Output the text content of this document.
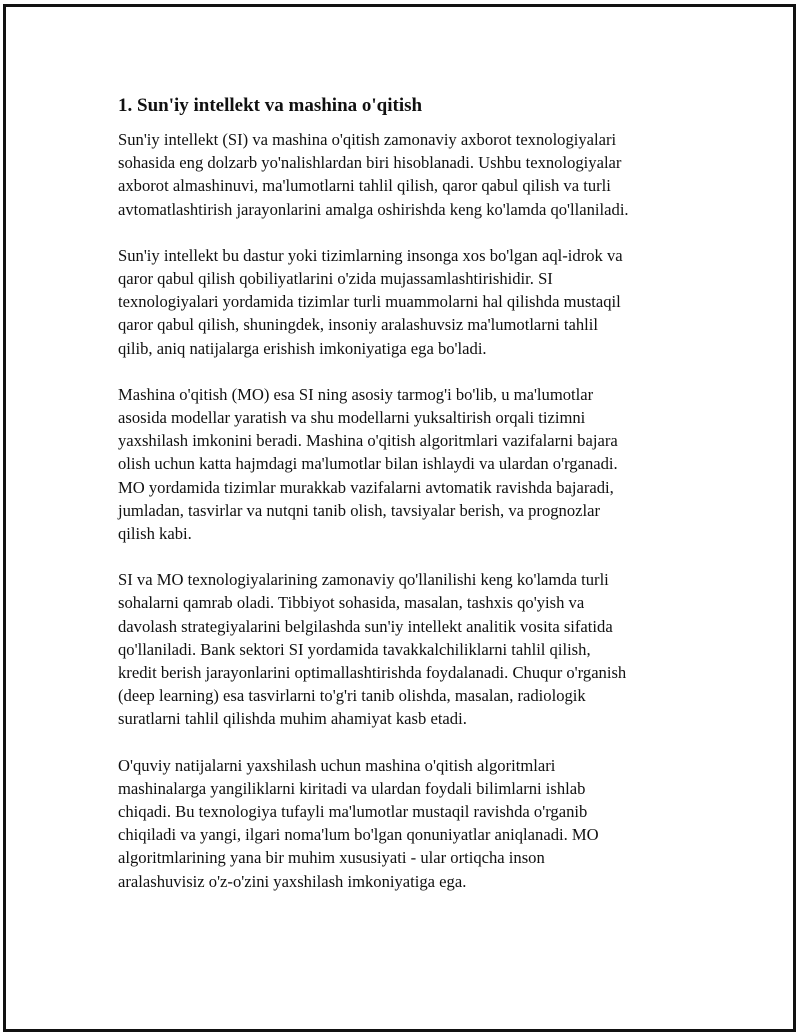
1. Sun'iy intellekt va mashina o'qitish

Sun'iy intellekt (SI) va mashina o'qitish zamonaviy axborot texnologiyalari
sohasida eng dolzarb yo'nalishlardan biri hisoblanadi. Ushbu texnologiyalar
axborot almashinuvi, ma'lumotlarni tahlil qilish, qaror qabul qilish va turli
avtomatlashtirish jarayonlarini amalga oshirishda keng ko'lamda qo'llaniladi.

Sun'iy intellekt bu dastur yoki tizimlarning insonga xos bo'lgan aql-idrok va
qaror qabul qilish qobiliyatlarini o'zida mujassamlashtirishidir. SI
texnologiyalari yordamida tizimlar turli muammolarni hal qilishda mustaqil
qaror qabul qilish, shuningdek, insoniy aralashuvsiz ma'lumotlarni tahlil
qilib, aniq natijalarga erishish imkoniyatiga ega bo'ladi.

Mashina o'qitish (MO) esa SI ning asosiy tarmog'i bo'lib, u ma'lumotlar
asosida modellar yaratish va shu modellarni yuksaltirish orqali tizimni
yaxshilash imkonini beradi. Mashina o'qitish algoritmlari vazifalarni bajara
olish uchun katta hajmdagi ma'lumotlar bilan ishlaydi va ulardan o'rganadi.
MO yordamida tizimlar murakkab vazifalarni avtomatik ravishda bajaradi,
jumladan, tasvirlar va nutqni tanib olish, tavsiyalar berish, va prognozlar
qilish kabi.

SI va MO texnologiyalarining zamonaviy qo'llanilishi keng ko'lamda turli
sohalarni qamrab oladi. Tibbiyot sohasida, masalan, tashxis qo'yish va
davolash strategiyalarini belgilashda sun'iy intellekt analitik vosita sifatida
qo'llaniladi. Bank sektori SI yordamida tavakkalchiliklarni tahlil qilish,
kredit berish jarayonlarini optimallashtirishda foydalanadi. Chuqur o'rganish
(deep learning) esa tasvirlarni to'g'ri tanib olishda, masalan, radiologik
suratlarni tahlil qilishda muhim ahamiyat kasb etadi.

O'quviy natijalarni yaxshilash uchun mashina o'qitish algoritmlari
mashinalarga yangiliklarni kiritadi va ulardan foydali bilimlarni ishlab
chiqadi. Bu texnologiya tufayli ma'lumotlar mustaqil ravishda o'rganib
chiqiladi va yangi, ilgari noma'lum bo'lgan qonuniyatlar aniqlanadi. MO
algoritmlarining yana bir muhim xususiyati - ular ortiqcha inson
aralashuvisiz o'z-o'zini yaxshilash imkoniyatiga ega.
